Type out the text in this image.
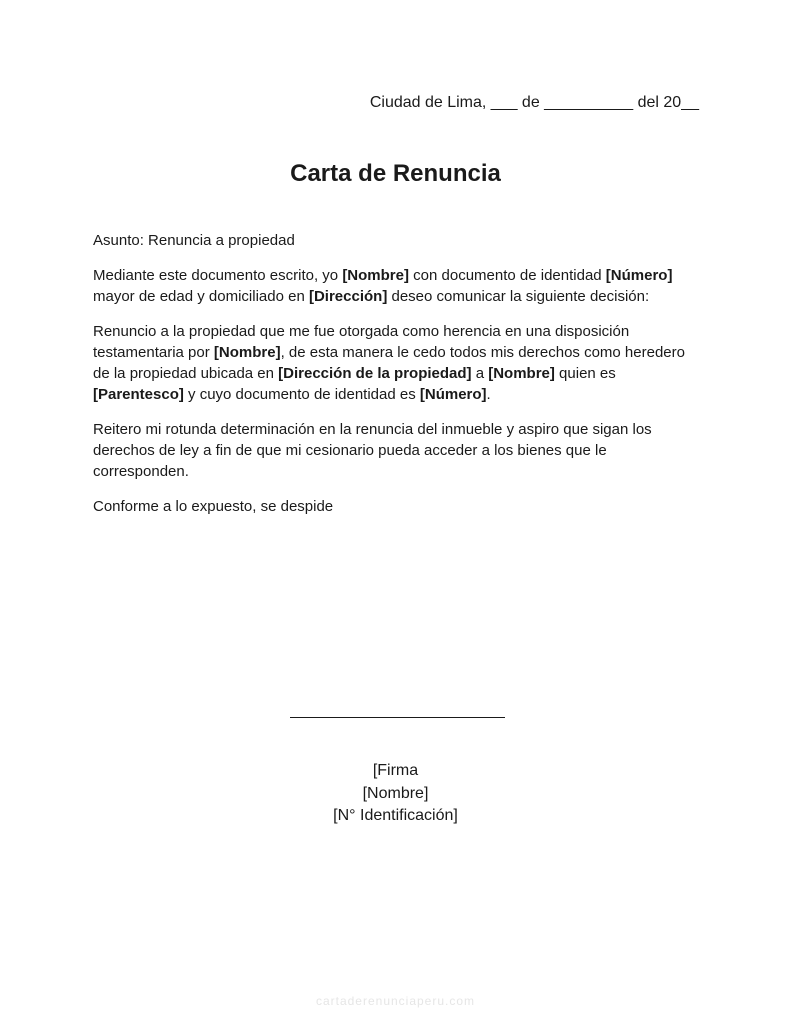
Ciudad de Lima, ___ de __________ del 20__
Carta de Renuncia

Asunto: Renuncia a propiedad

Mediante este documento escrito, yo [Nombre] con documento de identidad [Número]
mayor de edad y domiciliado en [Dirección] deseo comunicar la siguiente decisión:

Renuncio a la propiedad que me fue otorgada como herencia en una disposición testamentaria por [Nombre], de esta manera le cedo todos mis derechos como heredero de la propiedad ubicada en [Dirección de la propiedad] a [Nombre] quien es [Parentesco] y cuyo documento de identidad es [Número].

Reitero mi rotunda determinación en la renuncia del inmueble y aspiro que sigan los derechos de ley a fin de que mi cesionario pueda acceder a los bienes que le corresponden.

Conforme a lo expuesto, se despide

[Firma
[Nombre]
[N° Identificación]
cartaderenunciaperu.com
